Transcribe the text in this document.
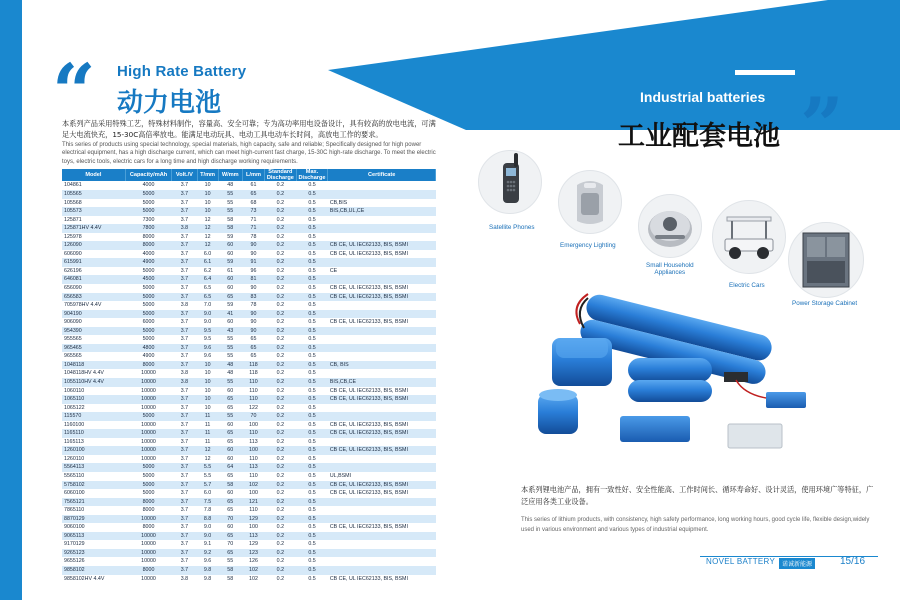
“ High Rate Battery
动力电池
本系列产品采用特殊工艺，特殊材料制作，容量高、安全可靠；专为高功率用电设备设计，具有较高的放电电流，可满足大电流快充，15-30C高倍率放电。能满足电动玩具、电动工具电动车长时间，高放电工作的要求。
This series of products using special technology, special materials, high capacity, safe and reliable; Specifically designed for high power electrical equipment, has a high discharge current, which can meet high-current fast charge, 15-30C high-rate discharge. To meet the electric toys, electric tools, electric cars for a long time and high discharge working requirements.
Model	Capacity/mAh	Volt./V	T/mm	W/mm	L/mm	Standard Discharge	Max. Discharge	Certificate
104861	4000	3.7	10	48	61	0.2	0.5	
105565	5000	3.7	10	55	65	0.2	0.5	
105568	5000	3.7	10	55	68	0.2	0.5	CB,BIS
105573	5000	3.7	10	55	73	0.2	0.5	BIS,CB,UL,CE
125871	7300	3.7	12	58	71	0.2	0.5	
125871HV 4.4V	7800	3.8	12	58	71	0.2	0.5	
125978	8000	3.7	12	59	78	0.2	0.5	
126090	8000	3.7	12	60	90	0.2	0.5	CB CE, UL IEC62133, BIS, BSMI
606090	4000	3.7	6.0	60	90	0.2	0.5	CB CE, UL IEC62133, BIS, BSMI
615991	4900	3.7	6.1	59	91	0.2	0.5	
626196	5000	3.7	6.2	61	96	0.2	0.5	CE
646081	4500	3.7	6.4	60	81	0.2	0.5	
656090	5000	3.7	6.5	60	90	0.2	0.5	CB CE, UL IEC62133, BIS, BSMI
656583	5000	3.7	6.5	65	83	0.2	0.5	CB CE, UL IEC62133, BIS, BSMI
705978HV 4.4V	5000	3.8	7.0	59	78	0.2	0.5	
904190	5000	3.7	9.0	41	90	0.2	0.5	
906090	6000	3.7	9.0	60	90	0.2	0.5	CB CE, UL IEC62133, BIS, BSMI
954390	5000	3.7	9.5	43	90	0.2	0.5	
955565	5000	3.7	9.5	55	65	0.2	0.5	
965465	4800	3.7	9.6	55	65	0.2	0.5	
965565	4900	3.7	9.6	55	65	0.2	0.5	
1048118	8000	3.7	10	48	118	0.2	0.5	CB, BIS
1048118HV 4.4V	10000	3.8	10	48	118	0.2	0.5	
1055110HV 4.4V	10000	3.8	10	55	110	0.2	0.5	BIS,CB,CE
1060110	10000	3.7	10	60	110	0.2	0.5	CB CE, UL IEC62133, BIS, BSMI
1065110	10000	3.7	10	65	110	0.2	0.5	CB CE, UL IEC62133, BIS, BSMI
1065122	10000	3.7	10	65	122	0.2	0.5	
115570	5000	3.7	11	55	70	0.2	0.5	
1160100	10000	3.7	11	60	100	0.2	0.5	CB CE, UL IEC62133, BIS, BSMI
1165110	10000	3.7	11	65	110	0.2	0.5	CB CE, UL IEC62133, BIS, BSMI
1165113	10000	3.7	11	65	113	0.2	0.5	
1260100	10000	3.7	12	60	100	0.2	0.5	CB CE, UL IEC62133, BIS, BSMI
1260110	10000	3.7	12	60	110	0.2	0.5	
5564113	5000	3.7	5.5	64	113	0.2	0.5	
5565110	5000	3.7	5.5	65	110	0.2	0.5	UL,BSMI
5758102	5000	3.7	5.7	58	102	0.2	0.5	CB CE, UL IEC62133, BIS, BSMI
6060100	5000	3.7	6.0	60	100	0.2	0.5	CB CE, UL IEC62133, BIS, BSMI
7565121	8000	3.7	7.5	65	121	0.2	0.5	
7865110	8000	3.7	7.8	65	110	0.2	0.5	
8870129	10000	3.7	8.8	70	129	0.2	0.5	
9060100	8000	3.7	9.0	60	100	0.2	0.5	CB CE, UL IEC62133, BIS, BSMI
9065113	10000	3.7	9.0	65	113	0.2	0.5	
9170129	10000	3.7	9.1	70	129	0.2	0.5	
9265123	10000	3.7	9.2	65	123	0.2	0.5	
9655126	10000	3.7	9.6	55	126	0.2	0.5	
9858102	8000	3.7	9.8	58	102	0.2	0.5	
9858102HV 4.4V	10000	3.8	9.8	58	102	0.2	0.5	CB CE, UL IEC62133, BIS, BSMI
Industrial batteries
工业配套电池 ”
Satellite Phones
Emergency Lighting
Small Household
Appliances
Electric Cars
Power Storage Cabinet
本系列锂电池产品，拥有一致性好、安全性能高、工作时间长、循环寿命好、设计灵活，使用环境广等特征，广泛应用各类工业设备。
This series of lithium products, with consistency, high safety performance, long working hours, good cycle life, flexible design,widely used in various environment and various types of industrial equipment.
NOVEL BATTERY	诺诚新能源	15/16
